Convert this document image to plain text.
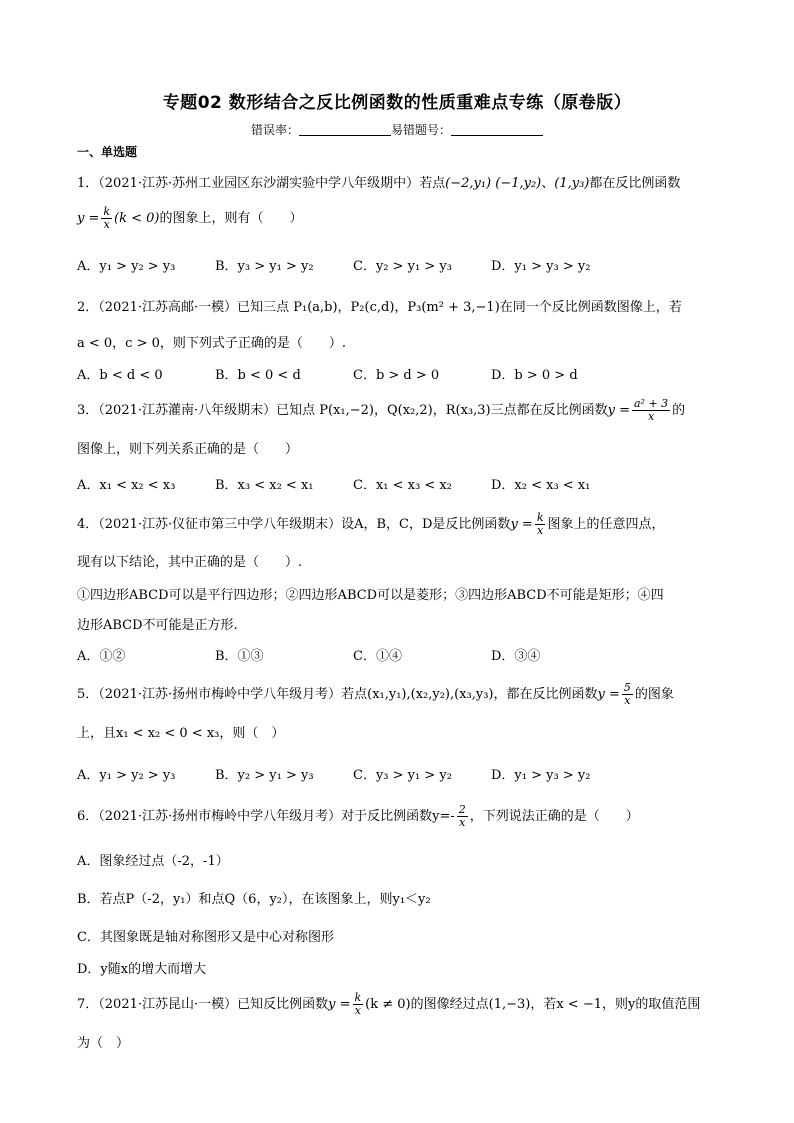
专题02 数形结合之反比例函数的性质重难点专练（原卷版）
错误率：	易错题号：
一、单选题
1．（2021·江苏·苏州工业园区东沙湖实验中学八年级期中）若点(−2,y₁) (−1,y₂)、(1,y₃)都在反比例函数
$y = \frac{k}{x} (k < 0)$的图象上，则有（　　）
A．y₁ > y₂ > y₃	B．y₃ > y₁ > y₂	C．y₂ > y₁ > y₃	D．y₁ > y₃ > y₂
2．（2021·江苏高邮·一模）已知三点 P₁(a,b)，P₂(c,d)，P₃(m² + 3,−1)在同一个反比例函数图像上，若
a < 0，c > 0，则下列式子正确的是（　　）.
A．b < d < 0	B．b < 0 < d	C．b > d > 0	D．b > 0 > d
3．（2021·江苏灌南·八年级期末）已知点 P(x₁,−2)，Q(x₂,2)，R(x₃,3)三点都在反比例函数$y = \frac{\text{a² + 3}}{x}$ 的
图像上，则下列关系正确的是（　　）
A．x₁ < x₂ < x₃	B．x₃ < x₂ < x₁	C．x₁ < x₃ < x₂	D．x₂ < x₃ < x₁
4．（2021·江苏·仪征市第三中学八年级期末）设A，B，C，D是反比例函数$y = \frac{k}{x}$ 图象上的任意四点，
现有以下结论，其中正确的是（　　）.
①四边形ABCD可以是平行四边形；②四边形ABCD可以是菱形；③四边形ABCD不可能是矩形；④四
边形ABCD不可能是正方形.
A．①②	B．①③	C．①④	D．③④
5．（2021·江苏·扬州市梅岭中学八年级月考）若点(x₁,y₁),(x₂,y₂),(x₃,y₃)，都在反比例函数$y = \frac{5}{x}$ 的图象
上，且x₁ < x₂ < 0 < x₃，则（　）
A．y₁ > y₂ > y₃	B．y₂ > y₁ > y₃	C．y₃ > y₁ > y₂	D．y₁ > y₃ > y₂
6．（2021·江苏·扬州市梅岭中学八年级月考）对于反比例函数$y=- \frac{2}{x}$ ，下列说法正确的是（　　）
A．图象经过点（-2，-1）
B．若点P（-2，y₁）和点Q（6，y₂），在该图象上，则y₁＜y₂
C．其图象既是轴对称图形又是中心对称图形
D．y随x的增大而增大
7．（2021·江苏昆山·一模）已知反比例函数$y = \frac{k}{x} (k \ne 0)$的图像经过点(1,−3)，若x < −1，则y的取值范围
为（　）
